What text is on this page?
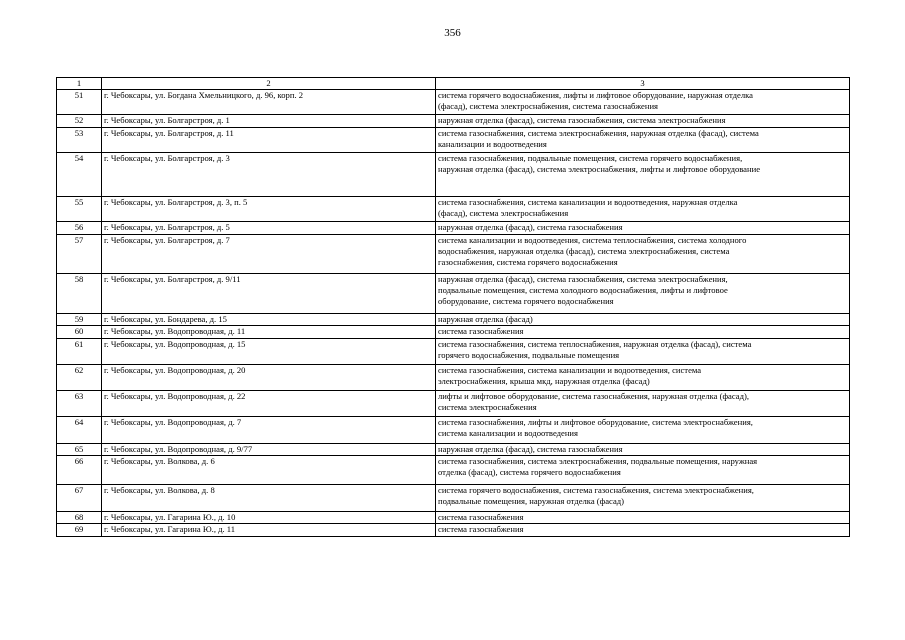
356
1	2	3
51	г. Чебоксары, ул. Богдана Хмельницкого, д. 96, корп. 2	система горячего водоснабжения, лифты и лифтовое оборудование, наружная отделка
(фасад), система электроснабжения, система газоснабжения

52	г. Чебоксары, ул. Болгарстроя, д. 1	наружная отделка (фасад), система газоснабжения, система электроснабжения

53	г. Чебоксары, ул. Болгарстроя, д. 11	система газоснабжения, система электроснабжения, наружная отделка (фасад), система
канализации и водоотведения

54	г. Чебоксары, ул. Болгарстроя, д. 3	система газоснабжения, подвальные помещения, система горячего водоснабжения,
наружная отделка (фасад), система электроснабжения, лифты и лифтовое оборудование

55	г. Чебоксары, ул. Болгарстроя, д. 3, п. 5	система газоснабжения, система канализации и водоотведения, наружная отделка
(фасад), система электроснабжения

56	г. Чебоксары, ул. Болгарстроя, д. 5	наружная отделка (фасад), система газоснабжения

57	г. Чебоксары, ул. Болгарстроя, д. 7	система канализации и водоотведения, система теплоснабжения, система холодного
водоснабжения, наружная отделка (фасад), система электроснабжения, система
газоснабжения, система горячего водоснабжения

58	г. Чебоксары, ул. Болгарстроя, д. 9/11	наружная отделка (фасад), система газоснабжения, система электроснабжения,
подвальные помещения, система холодного водоснабжения, лифты и лифтовое
оборудование, система горячего водоснабжения

59	г. Чебоксары, ул. Бондарева, д. 15	наружная отделка (фасад)

60	г. Чебоксары, ул. Водопроводная, д. 11	система газоснабжения

61	г. Чебоксары, ул. Водопроводная, д. 15	система газоснабжения, система теплоснабжения, наружная отделка (фасад), система
горячего водоснабжения, подвальные помещения

62	г. Чебоксары, ул. Водопроводная, д. 20	система газоснабжения, система канализации и водоотведения, система
электроснабжения, крыша мкд, наружная отделка (фасад)

63	г. Чебоксары, ул. Водопроводная, д. 22	лифты и лифтовое оборудование, система газоснабжения, наружная отделка (фасад),
система электроснабжения

64	г. Чебоксары, ул. Водопроводная, д. 7	система газоснабжения, лифты и лифтовое оборудование, система электроснабжения,
система канализации и водоотведения

65	г. Чебоксары, ул. Водопроводная, д. 9/77	наружная отделка (фасад), система газоснабжения

66	г. Чебоксары, ул. Волкова, д. 6	система газоснабжения, система электроснабжения, подвальные помещения, наружная
отделка (фасад), система горячего водоснабжения

67	г. Чебоксары, ул. Волкова, д. 8	система горячего водоснабжения, система газоснабжения, система электроснабжения,
подвальные помещения, наружная отделка (фасад)

68	г. Чебоксары, ул. Гагарина Ю., д. 10	система газоснабжения

69	г. Чебоксары, ул. Гагарина Ю., д. 11	система газоснабжения
